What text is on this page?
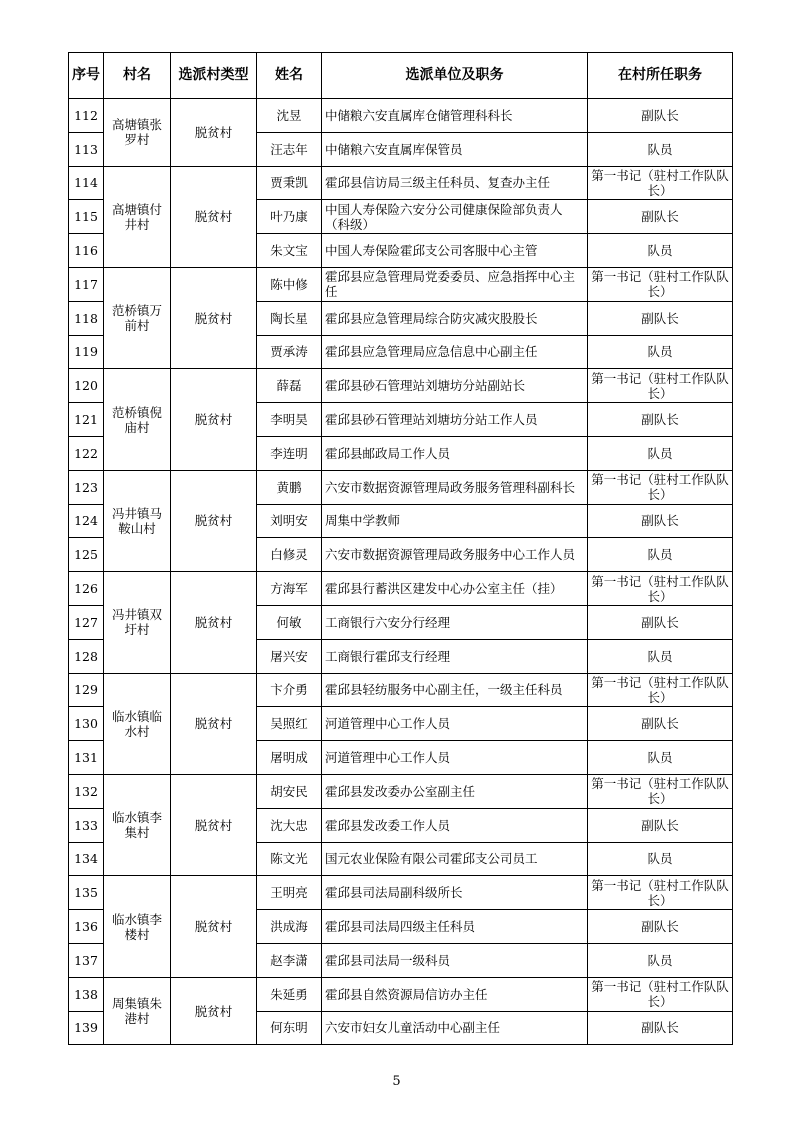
序号	村名	选派村类型	姓名	选派单位及职务	在村所任职务
112	高塘镇张罗村	脱贫村	沈昱	中储粮六安直属库仓储管理科科长	副队长
113			汪志年	中储粮六安直属库保管员	队员
114	高塘镇付井村	脱贫村	贾秉凯	霍邱县信访局三级主任科员、复查办主任	第一书记（驻村工作队队长）
115			叶乃康	中国人寿保险六安分公司健康保险部负责人（科级）	副队长
116			朱文宝	中国人寿保险霍邱支公司客服中心主管	队员
117	范桥镇万前村	脱贫村	陈中修	霍邱县应急管理局党委委员、应急指挥中心主任	第一书记（驻村工作队队长）
118			陶长星	霍邱县应急管理局综合防灾减灾股股长	副队长
119			贾承涛	霍邱县应急管理局应急信息中心副主任	队员
120	范桥镇倪庙村	脱贫村	薛磊	霍邱县砂石管理站刘塘坊分站副站长	第一书记（驻村工作队队长）
121			李明昊	霍邱县砂石管理站刘塘坊分站工作人员	副队长
122			李连明	霍邱县邮政局工作人员	队员
123	冯井镇马鞍山村	脱贫村	黄鹏	六安市数据资源管理局政务服务管理科副科长	第一书记（驻村工作队队长）
124			刘明安	周集中学教师	副队长
125			白修灵	六安市数据资源管理局政务服务中心工作人员	队员
126	冯井镇双圩村	脱贫村	方海军	霍邱县行蓄洪区建发中心办公室主任（挂）	第一书记（驻村工作队队长）
127			何敏	工商银行六安分行经理	副队长
128			屠兴安	工商银行霍邱支行经理	队员
129	临水镇临水村	脱贫村	卞介勇	霍邱县轻纺服务中心副主任，一级主任科员	第一书记（驻村工作队队长）
130			吴照红	河道管理中心工作人员	副队长
131			屠明成	河道管理中心工作人员	队员
132	临水镇李集村	脱贫村	胡安民	霍邱县发改委办公室副主任	第一书记（驻村工作队队长）
133			沈大忠	霍邱县发改委工作人员	副队长
134			陈文光	国元农业保险有限公司霍邱支公司员工	队员
135	临水镇李楼村	脱贫村	王明亮	霍邱县司法局副科级所长	第一书记（驻村工作队队长）
136			洪成海	霍邱县司法局四级主任科员	副队长
137			赵李潇	霍邱县司法局一级科员	队员
138	周集镇朱港村	脱贫村	朱延勇	霍邱县自然资源局信访办主任	第一书记（驻村工作队队长）
139			何东明	六安市妇女儿童活动中心副主任	副队长
5
